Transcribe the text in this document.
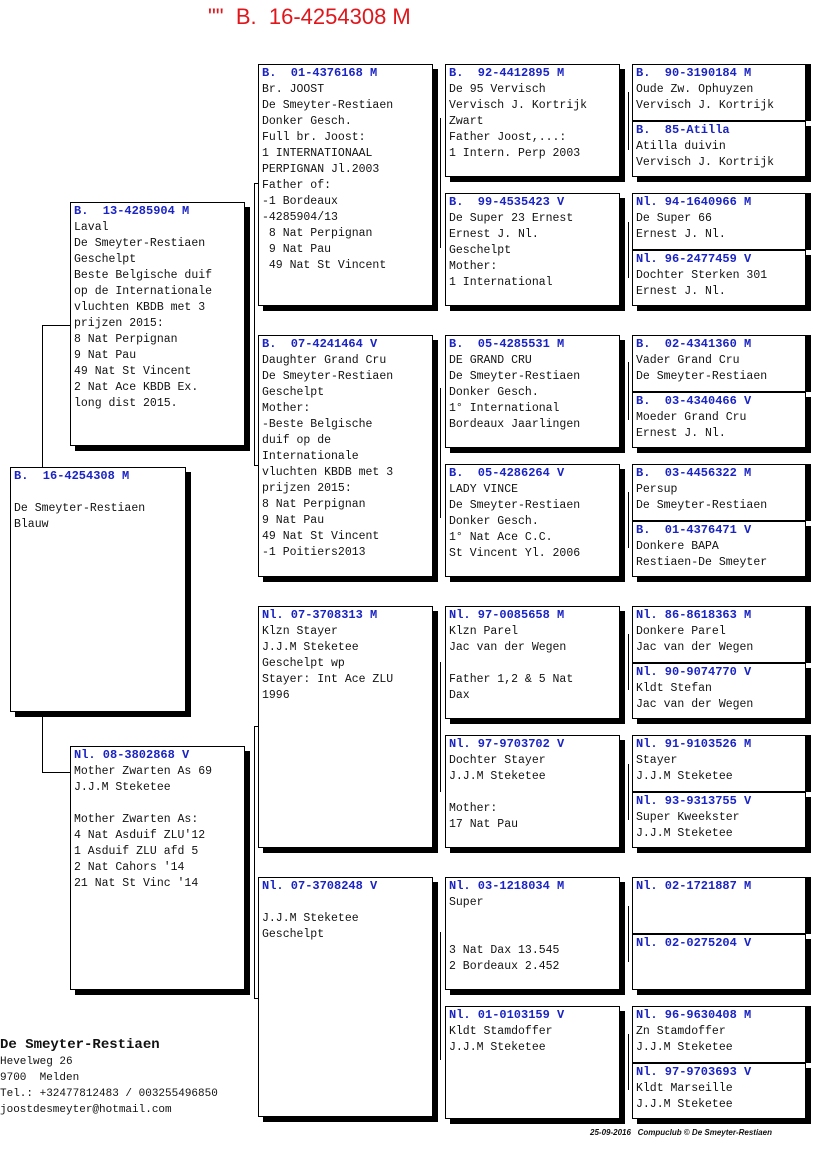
""  B.  16-4254308 M
B.  16-4254308 M

De Smeyter-Restiaen
Blauw
B.  13-4285904 M
Laval
De Smeyter-Restiaen
Geschelpt
Beste Belgische duif
op de Internationale
vluchten KBDB met 3
prijzen 2015:
8 Nat Perpignan
9 Nat Pau
49 Nat St Vincent
2 Nat Ace KBDB Ex.
long dist 2015.
Nl. 08-3802868 V
Mother Zwarten As 69
J.J.M Steketee

Mother Zwarten As:
4 Nat Asduif ZLU'12
1 Asduif ZLU afd 5
2 Nat Cahors '14
21 Nat St Vinc '14
B.  01-4376168 M
Br. JOOST
De Smeyter-Restiaen
Donker Gesch.
Full br. Joost:
1 INTERNATIONAAL
PERPIGNAN Jl.2003
Father of:
-1 Bordeaux
-4285904/13
8 Nat Perpignan
9 Nat Pau
49 Nat St Vincent
B.  07-4241464 V
Daughter Grand Cru
De Smeyter-Restiaen
Geschelpt
Mother:
-Beste Belgische
duif op de
Internationale
vluchten KBDB met 3
prijzen 2015:
8 Nat Perpignan
9 Nat Pau
49 Nat St Vincent
-1 Poitiers2013
Nl. 07-3708313 M
Klzn Stayer
J.J.M Steketee
Geschelpt wp
Stayer: Int Ace ZLU
1996
Nl. 07-3708248 V

J.J.M Steketee
Geschelpt
B.  92-4412895 M
De 95 Vervisch
Vervisch J. Kortrijk
Zwart
Father Joost,...:
1 Intern. Perp 2003
B.  99-4535423 V
De Super 23 Ernest
Ernest J. Nl.
Geschelpt
Mother:
1 International
B.  05-4285531 M
DE GRAND CRU
De Smeyter-Restiaen
Donker Gesch.
1° International
Bordeaux Jaarlingen
B.  05-4286264 V
LADY VINCE
De Smeyter-Restiaen
Donker Gesch.
1° Nat Ace C.C.
St Vincent Yl. 2006
Nl. 97-0085658 M
Klzn Parel
Jac van der Wegen

Father 1,2 & 5 Nat
Dax
Nl. 97-9703702 V
Dochter Stayer
J.J.M Steketee

Mother:
17 Nat Pau
Nl. 03-1218034 M
Super

3 Nat Dax 13.545
2 Bordeaux 2.452
Nl. 01-0103159 V
Kldt Stamdoffer
J.J.M Steketee
B.  90-3190184 M
Oude Zw. Ophuyzen
Vervisch J. Kortrijk
B.  85-Atilla
Atilla duivin
Vervisch J. Kortrijk
Nl. 94-1640966 M
De Super 66
Ernest J. Nl.
Nl. 96-2477459 V
Dochter Sterken 301
Ernest J. Nl.
B.  02-4341360 M
Vader Grand Cru
De Smeyter-Restiaen
B.  03-4340466 V
Moeder Grand Cru
Ernest J. Nl.
B.  03-4456322 M
Persup
De Smeyter-Restiaen
B.  01-4376471 V
Donkere BAPA
Restiaen-De Smeyter
Nl. 86-8618363 M
Donkere Parel
Jac van der Wegen
Nl. 90-9074770 V
Kldt Stefan
Jac van der Wegen
Nl. 91-9103526 M
Stayer
J.J.M Steketee
Nl. 93-9313755 V
Super Kweekster
J.J.M Steketee
Nl. 02-1721887 M

Nl. 02-0275204 V

Nl. 96-9630408 M
Zn Stamdoffer
J.J.M Steketee
Nl. 97-9703693 V
Kldt Marseille
J.J.M Steketee
De Smeyter-Restiaen
Hevelweg 26
9700  Melden
Tel.: +32477812483 / 003255496850
joostdesmeyter@hotmail.com
25-09-2016   Compuclub © De Smeyter-Restiaen
